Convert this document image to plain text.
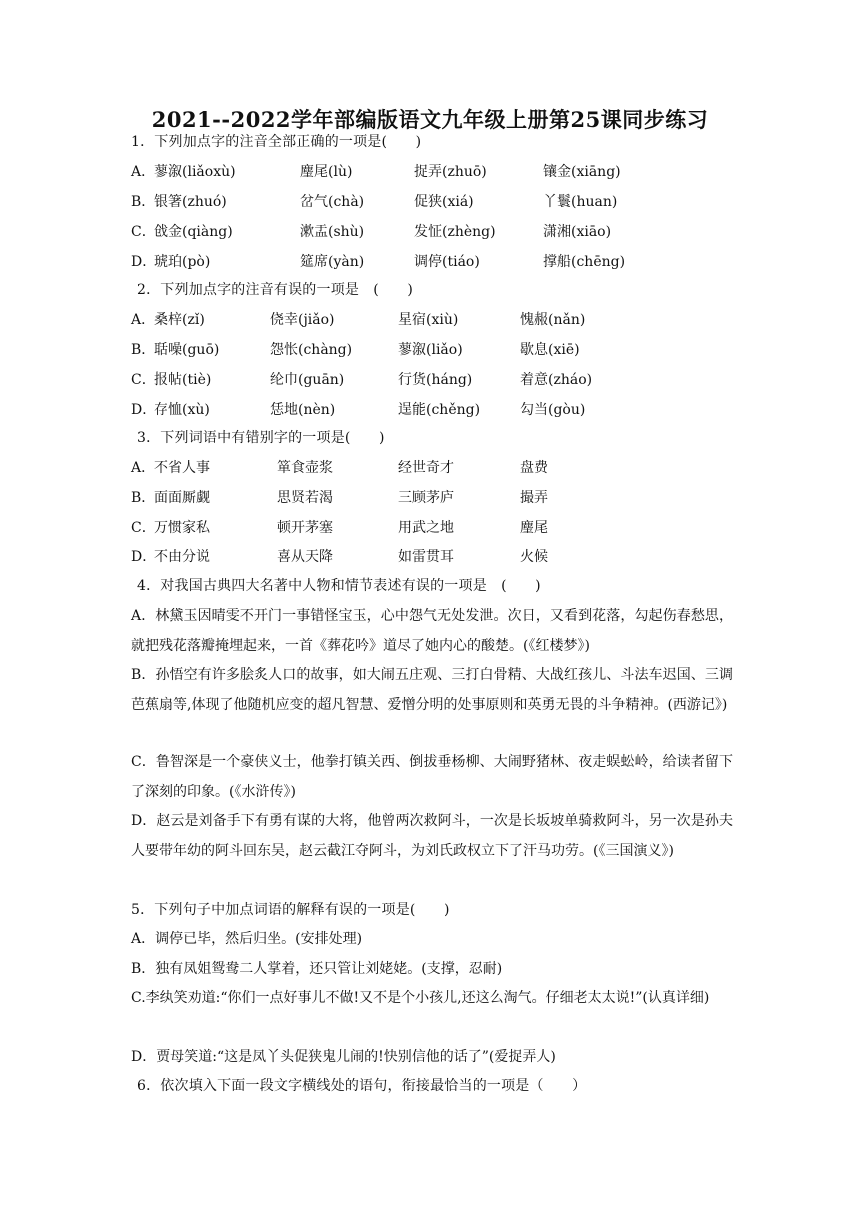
2021--2022学年部编版语文九年级上册第25课同步练习
1．下列加点字的注音全部正确的一项是(　　)
A．
蓼溆(liǎoxù)	麈尾(lù)	捉弄(zhuō)	镶金(xiāng)
B．
银箸(zhuó)	岔气(chà)	促狭(xiá)	丫鬟(huan)
C．
戗金(qiàng)	漱盂(shù)	发怔(zhèng)	潇湘(xiāo)
D．
琥珀(pò)	筵席(yàn)	调停(tiáo)	撑船(chēng)
2．下列加点字的注音有误的一项是　(　　)
A．
桑梓(zǐ)	侥幸(jiǎo)	星宿(xiù)	愧赧(nǎn)
B．
聒噪(guō)	怨怅(chàng)	蓼溆(liǎo)	歇息(xiē)
C．
报帖(tiè)	纶巾(guān)	行货(háng)	着意(zháo)
D．
存恤(xù)	恁地(nèn)	逞能(chěng)	勾当(gòu)
3．下列词语中有错别字的一项是(　　)
A．
不省人事	箪食壶浆	经世奇才	盘费
B．
面面厮觑	思贤若渴	三顾茅庐	撮弄
C．
万惯家私	顿开茅塞	用武之地	麈尾
D．
不由分说	喜从天降	如雷贯耳	火候
4．对我国古典四大名著中人物和情节表述有误的一项是　(　　)
A．林黛玉因晴雯不开门一事错怪宝玉，心中怨气无处发泄。次日，又看到花落，勾起伤春愁思，就把残花落瓣掩埋起来，一首《葬花吟》道尽了她内心的酸楚。(《红楼梦》)
B．孙悟空有许多脍炙人口的故事，如大闹五庄观、三打白骨精、大战红孩儿、斗法车迟国、三调芭蕉扇等,体现了他随机应变的超凡智慧、爱憎分明的处事原则和英勇无畏的斗争精神。(西游记》)
C．鲁智深是一个豪侠义士，他拳打镇关西、倒拔垂杨柳、大闹野猪林、夜走蜈蚣岭，给读者留下了深刻的印象。(《水浒传》)
D．赵云是刘备手下有勇有谋的大将，他曾两次救阿斗，一次是长坂坡单骑救阿斗，另一次是孙夫人要带年幼的阿斗回东吴，赵云截江夺阿斗，为刘氏政权立下了汗马功劳。(《三国演义》)
5．下列句子中加点词语的解释有误的一项是(　　)
A．调停已毕，然后归坐。(安排处理)
B．独有凤姐鸳鸯二人掌着，还只管让刘姥姥。(支撑，忍耐)
C.李纨笑劝道:“你们一点好事儿不做!又不是个小孩儿,还这么淘气。仔细老太太说!”(认真详细)
D．贾母笑道:“这是凤丫头促狭鬼儿闹的!快别信他的话了”(爱捉弄人)
6．依次填入下面一段文字横线处的语句，衔接最恰当的一项是（　　）
